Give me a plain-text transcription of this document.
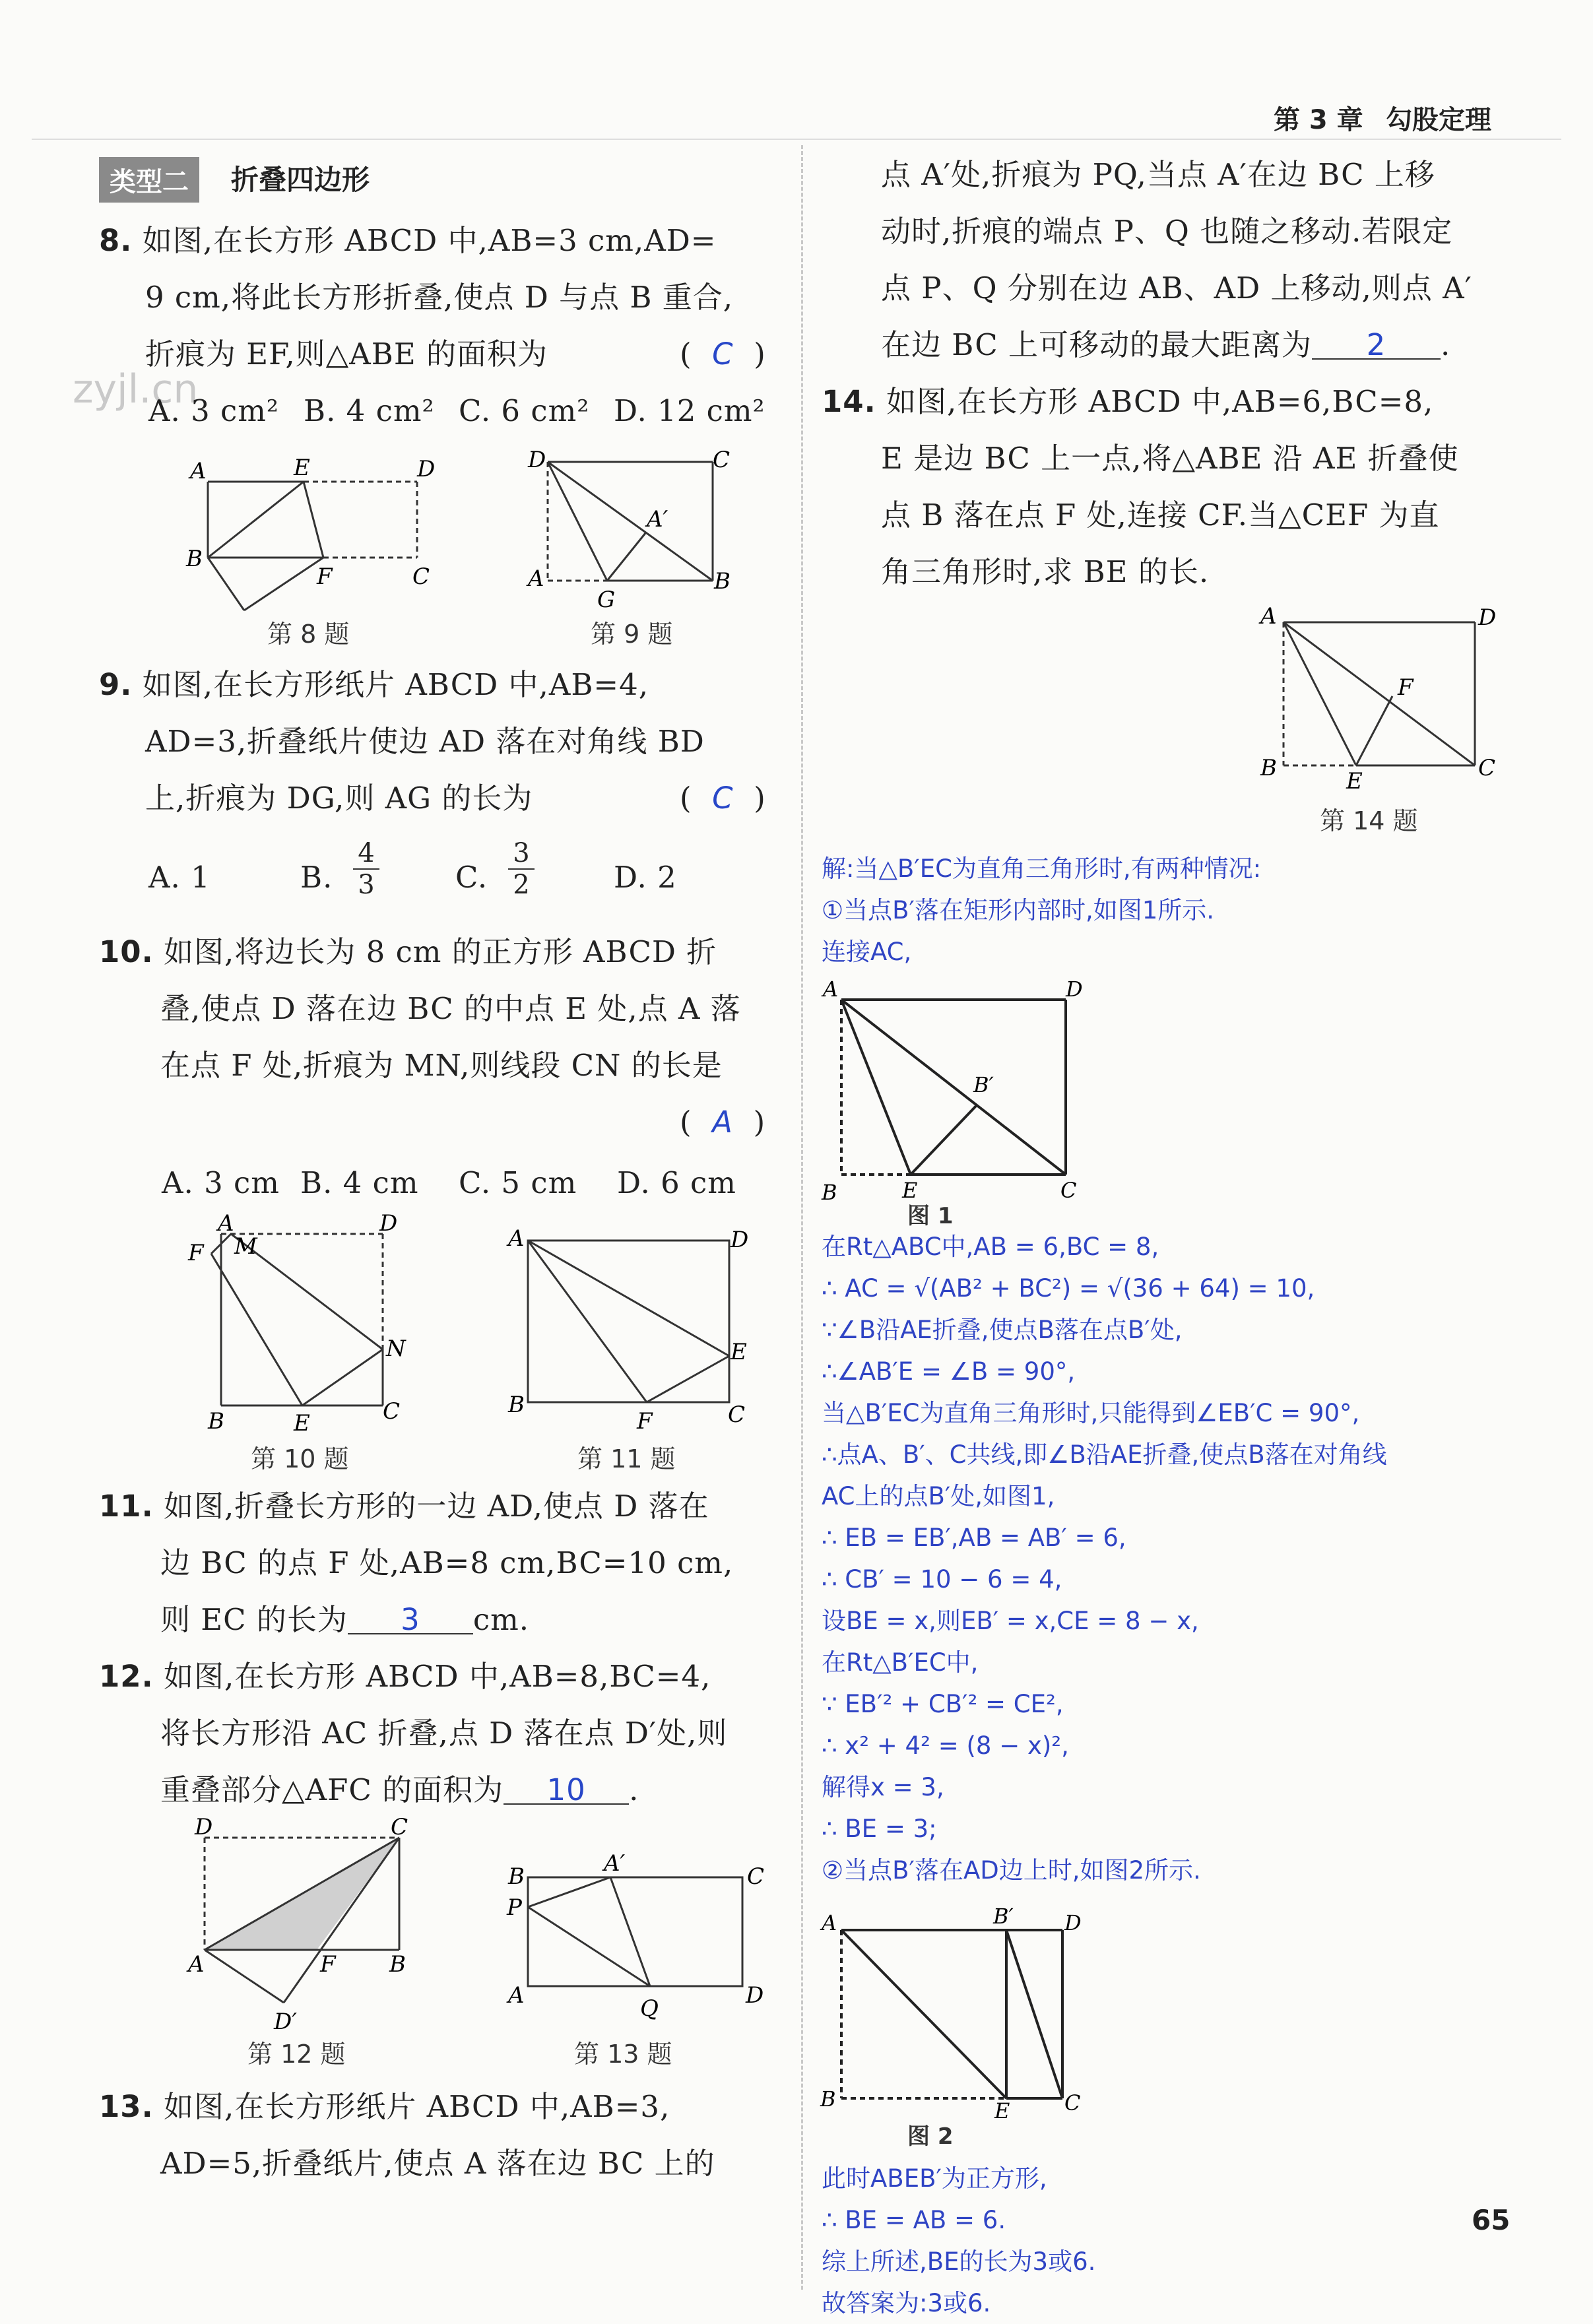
第 3 章 勾股定理
zyjl.cn
类型二	折叠四边形
8. 如图,在长方形 ABCD 中,AB=3 cm,AD=
9 cm,将此长方形折叠,使点 D 与点 B 重合,
折痕为 EF,则△ABE 的面积为	(  C  )
A. 3 cm² B. 4 cm² C. 6 cm² D. 12 cm²
A	E	D
B
F	C
第 8 题
D	C
A′
A
G
B
第 9 题
9. 如图,在长方形纸片 ABCD 中,AB=4,
AD=3,折叠纸片使边 AD 落在对角线 BD
上,折痕为 DG,则 AG 的长为	(  C  )
A. 1	B. $\frac{4}{3}$	C. $\frac{3}{2}$	D. 2
10. 如图,将边长为 8 cm 的正方形 ABCD 折
叠,使点 D 落在边 BC 的中点 E 处,点 A 落
在点 F 处,折痕为 MN,则线段 CN 的长是
(  A  )
A. 3 cm B. 4 cm C. 5 cm D. 6 cm
A	D
F M
N
B	E	C
第 10 题
A	D
E
B
F	C
第 11 题
11. 如图,折叠长方形的一边 AD,使点 D 落在
边 BC 的点 F 处,AB=8 cm,BC=10 cm,
则 EC 的长为 3 cm.
12. 如图,在长方形 ABCD 中,AB=8,BC=4,
将长方形沿 AC 折叠,点 D 落在点 D′处,则
重叠部分△AFC 的面积为 10 .
D	C
A	F B
D′
第 12 题
B	A′	C
P
A	Q	D
第 13 题
13. 如图,在长方形纸片 ABCD 中,AB=3,
AD=5,折叠纸片,使点 A 落在边 BC 上的
点 A′处,折痕为 PQ,当点 A′在边 BC 上移
动时,折痕的端点 P、Q 也随之移动.若限定
点 P、Q 分别在边 AB、AD 上移动,则点 A′
在边 BC 上可移动的最大距离为 2 .
14. 如图,在长方形 ABCD 中,AB=6,BC=8,
E 是边 BC 上一点,将△ABE 沿 AE 折叠使
点 B 落在点 F 处,连接 CF.当△CEF 为直
角三角形时,求 BE 的长.
A	D
F
B	E	C
第 14 题
解:当△B′EC为直角三角形时,有两种情况:
①当点B′落在矩形内部时,如图1所示.
连接AC,
A	D
B′
B	E	C
图 1
在Rt△ABC中,AB = 6,BC = 8,
∴ AC = √(AB² + BC²) = √(36 + 64) = 10,
∵∠B沿AE折叠,使点B落在点B′处,
∴∠AB′E = ∠B = 90°,
当△B′EC为直角三角形时,只能得到∠EB′C = 90°,
∴点A、B′、C共线,即∠B沿AE折叠,使点B落在对角线
AC上的点B′处,如图1,
∴ EB = EB′,AB = AB′ = 6,
∴ CB′ = 10 − 6 = 4,
设BE = x,则EB′ = x,CE = 8 − x,
在Rt△B′EC中,
∵ EB′² + CB′² = CE²,
∴ x² + 4² = (8 − x)²,
解得x = 3,
∴ BE = 3;
②当点B′落在AD边上时,如图2所示.
A	B′ D
B	E	C
图 2
此时ABEB′为正方形,
∴ BE = AB = 6.
综上所述,BE的长为3或6.
故答案为:3或6.
65
